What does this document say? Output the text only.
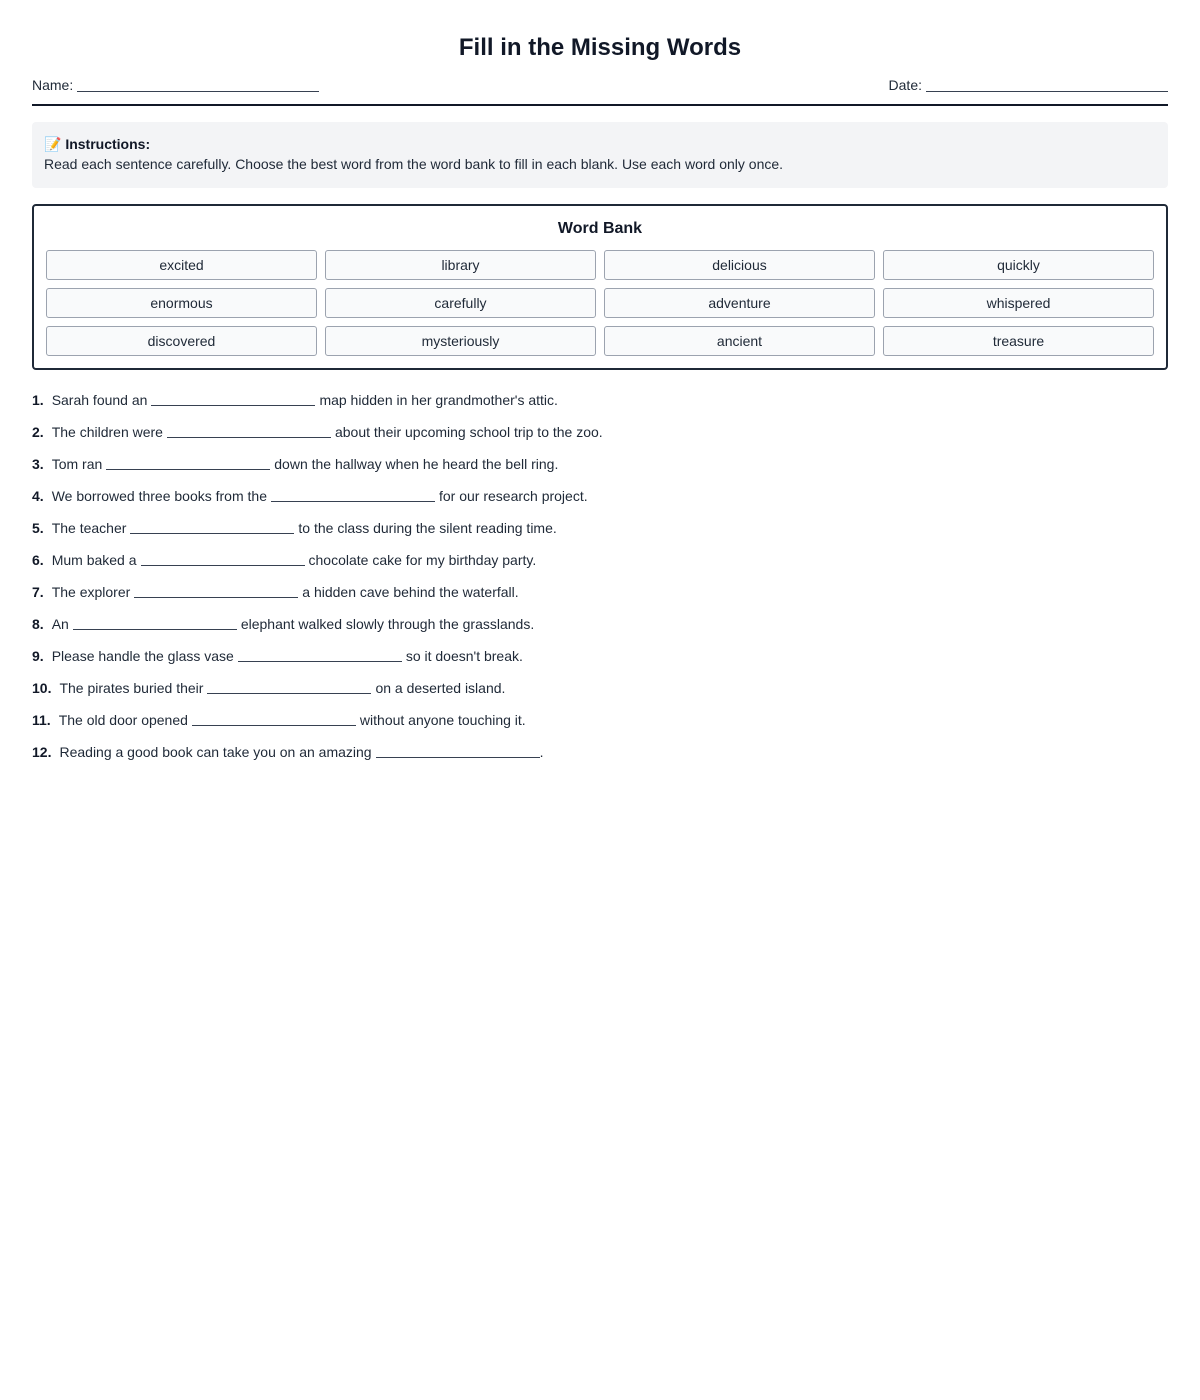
Fill in the Missing Words
Name:	Date:
📝 Instructions:
Read each sentence carefully. Choose the best word from the word bank to fill in each blank. Use each word only once.
Word Bank
excited	library	delicious	quickly
enormous	carefully	adventure	whispered
discovered	mysteriously	ancient	treasure
1. Sarah found an	map hidden in her grandmother's attic.
2. The children were	about their upcoming school trip to the zoo.
3. Tom ran	down the hallway when he heard the bell ring.
4. We borrowed three books from the	for our research project.
5. The teacher	to the class during the silent reading time.
6. Mum baked a	chocolate cake for my birthday party.
7. The explorer	a hidden cave behind the waterfall.
8. An	elephant walked slowly through the grasslands.
9. Please handle the glass vase	so it doesn't break.
10. The pirates buried their	on a deserted island.
11. The old door opened	without anyone touching it.
12. Reading a good book can take you on an amazing	.
